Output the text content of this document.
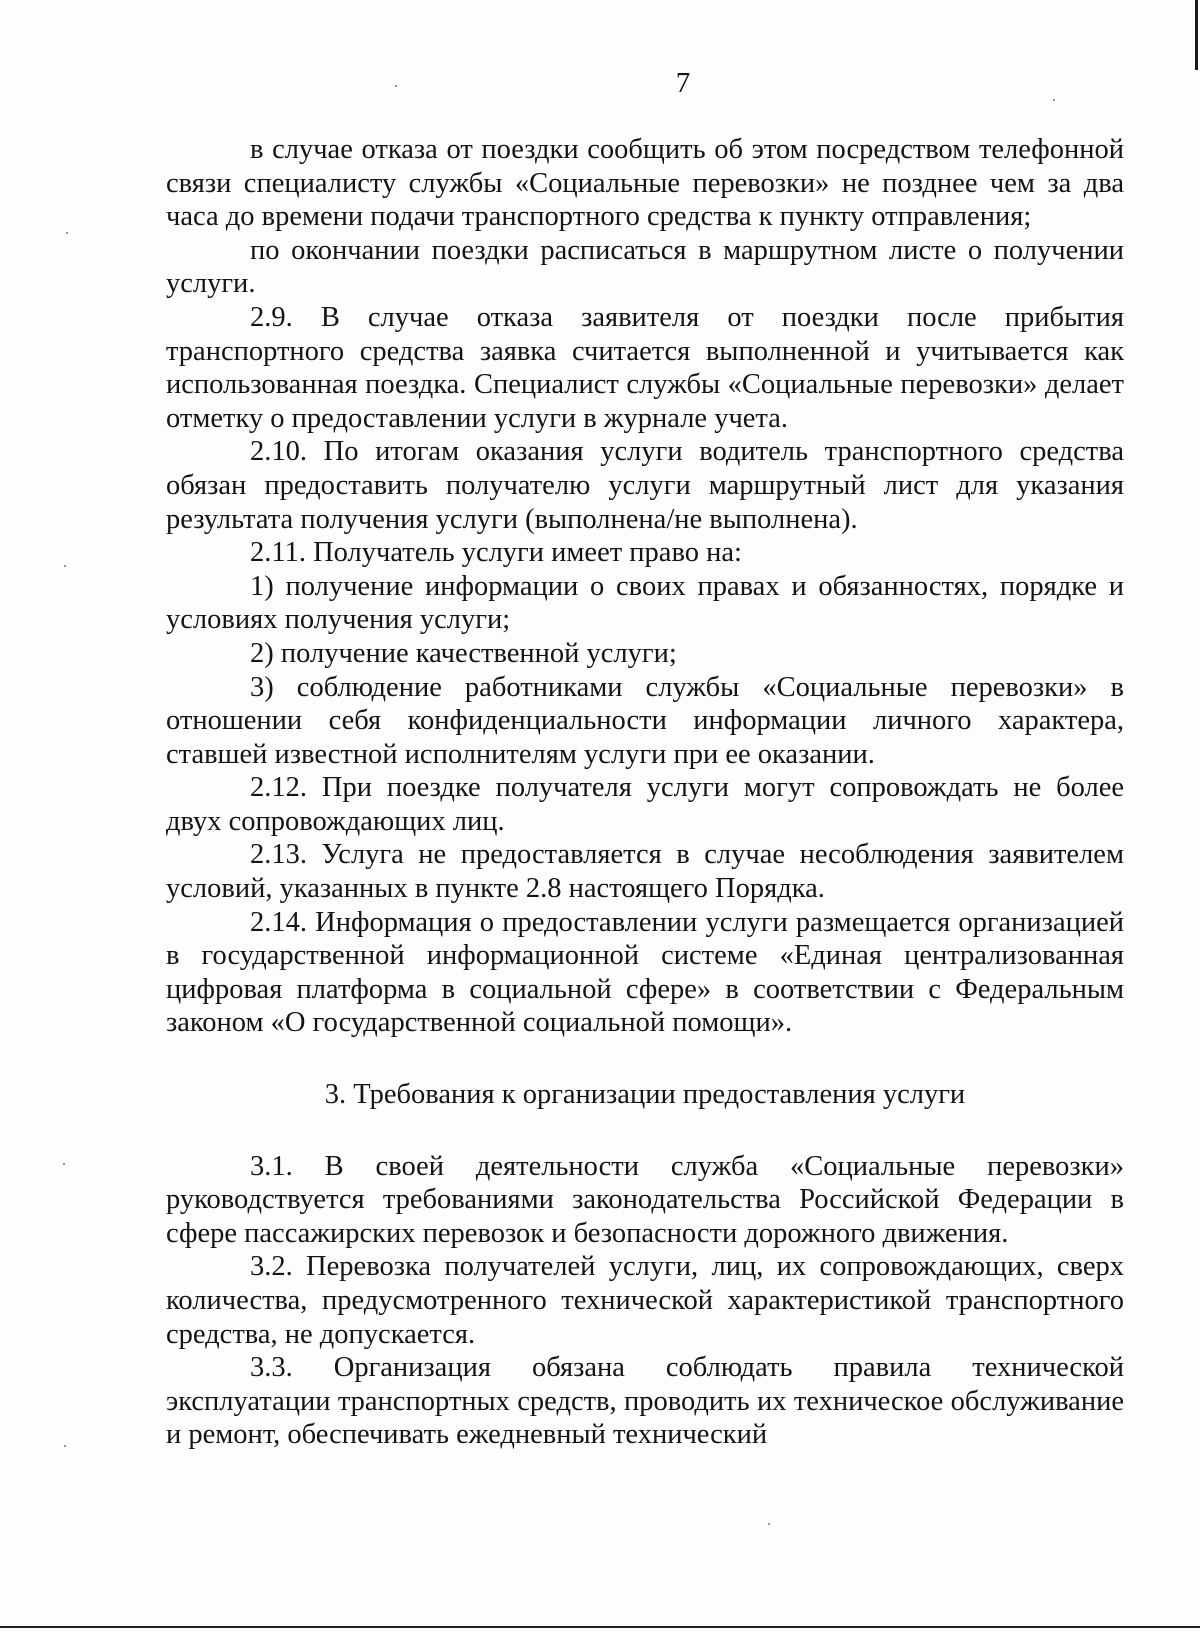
7

в случае отказа от поездки сообщить об этом посредством телефонной связи специалисту службы «Социальные перевозки» не позднее чем за два часа до времени подачи транспортного средства к пункту отправления;

по окончании поездки расписаться в маршрутном листе о получении услуги.

2.9. В случае отказа заявителя от поездки после прибытия транспортного средства заявка считается выполненной и учитывается как использованная поездка. Специалист службы «Социальные перевозки» делает отметку о предоставлении услуги в журнале учета.

2.10. По итогам оказания услуги водитель транспортного средства обязан предоставить получателю услуги маршрутный лист для указания результата получения услуги (выполнена/не выполнена).

2.11. Получатель услуги имеет право на:

1) получение информации о своих правах и обязанностях, порядке и условиях получения услуги;

2) получение качественной услуги;

3) соблюдение работниками службы «Социальные перевозки» в отношении себя конфиденциальности информации личного характера, ставшей известной исполнителям услуги при ее оказании.

2.12. При поездке получателя услуги могут сопровождать не более двух сопровождающих лиц.

2.13. Услуга не предоставляется в случае несоблюдения заявителем условий, указанных в пункте 2.8 настоящего Порядка.

2.14. Информация о предоставлении услуги размещается организацией в государственной информационной системе «Единая централизованная цифровая платформа в социальной сфере» в соответствии с Федеральным законом «О государственной социальной помощи».

3. Требования к организации предоставления услуги

3.1. В своей деятельности служба «Социальные перевозки» руководствуется требованиями законодательства Российской Федерации в сфере пассажирских перевозок и безопасности дорожного движения.

3.2. Перевозка получателей услуги, лиц, их сопровождающих, сверх количества, предусмотренного технической характеристикой транспортного средства, не допускается.

3.3. Организация обязана соблюдать правила технической эксплуатации транспортных средств, проводить их техническое обслуживание и ремонт, обеспечивать ежедневный технический
